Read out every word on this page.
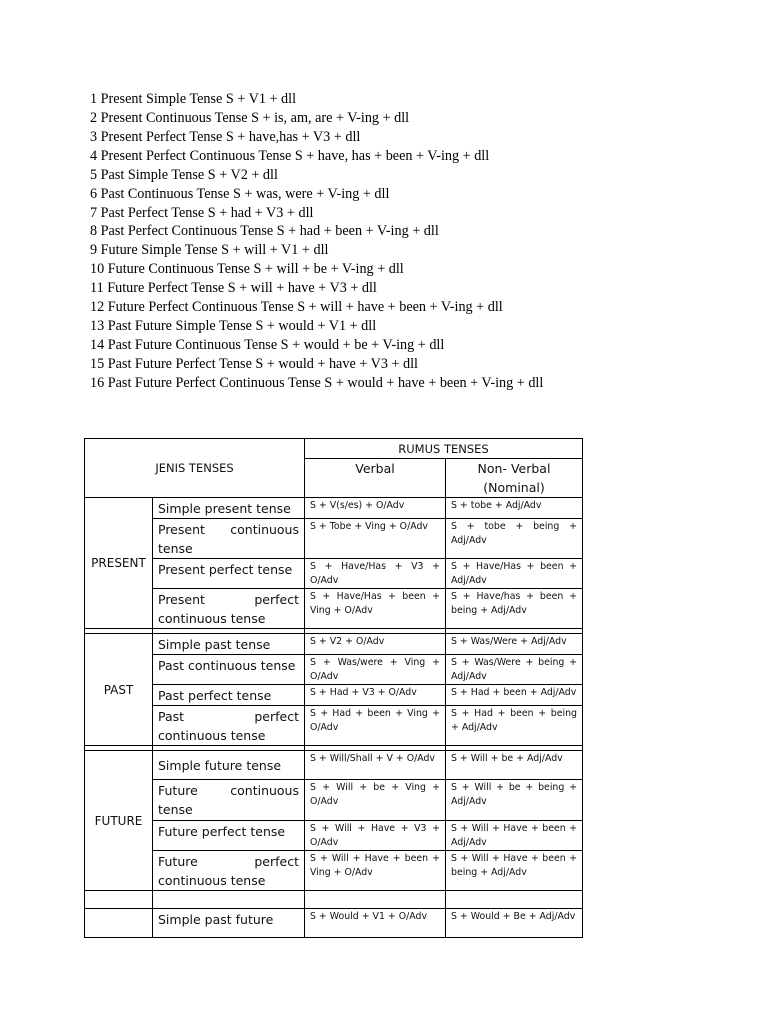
1 Present Simple Tense S + V1 + dll
2 Present Continuous Tense S + is, am, are + V-ing + dll
3 Present Perfect Tense S + have,has + V3 + dll
4 Present Perfect Continuous Tense S + have, has + been + V-ing + dll
5 Past Simple Tense S + V2 + dll
6 Past Continuous Tense S + was, were + V-ing + dll
7 Past Perfect Tense S + had + V3 + dll
8 Past Perfect Continuous Tense S + had + been + V-ing + dll
9 Future Simple Tense S + will + V1 + dll
10 Future Continuous Tense S + will + be + V-ing + dll
11 Future Perfect Tense S + will + have + V3 + dll
12 Future Perfect Continuous Tense S + will + have + been + V-ing + dll
13 Past Future Simple Tense S + would + V1 + dll
14 Past Future Continuous Tense S + would + be + V-ing + dll
15 Past Future Perfect Tense S + would + have + V3 + dll
16 Past Future Perfect Continuous Tense S + would + have + been + V-ing + dll
JENIS TENSES		RUMUS TENSES	
		Verbal	Non- Verbal (Nominal)
PRESENT	Simple present tense	S + V(s/es) + O/Adv	S + tobe + Adj/Adv
	Present continuous tense	S + Tobe + Ving + O/Adv	S + tobe + being + Adj/Adv
	Present perfect tense	S + Have/Has + V3 + O/Adv	S + Have/Has + been + Adj/Adv
	Present perfect continuous tense	S + Have/Has + been + Ving + O/Adv	S + Have/has + been + being + Adj/Adv

PAST	Simple past tense	S + V2 + O/Adv	S + Was/Were + Adj/Adv
	Past continuous tense	S + Was/were + Ving + O/Adv	S + Was/Were + being + Adj/Adv
	Past perfect tense	S + Had + V3 + O/Adv	S + Had + been + Adj/Adv
	Past perfect continuous tense	S + Had + been + Ving + O/Adv	S + Had + been + being + Adj/Adv

FUTURE	Simple future tense	S + Will/Shall + V + O/Adv	S + Will + be + Adj/Adv
	Future continuous tense	S + Will + be + Ving + O/Adv	S + Will + be + being + Adj/Adv
	Future perfect tense	S + Will + Have + V3 + O/Adv	S + Will + Have + been + Adj/Adv
	Future perfect continuous tense	S + Will + Have + been + Ving + O/Adv	S + Will + Have + been + being + Adj/Adv

	Simple past future	S + Would + V1 + O/Adv	S + Would + Be + Adj/Adv
